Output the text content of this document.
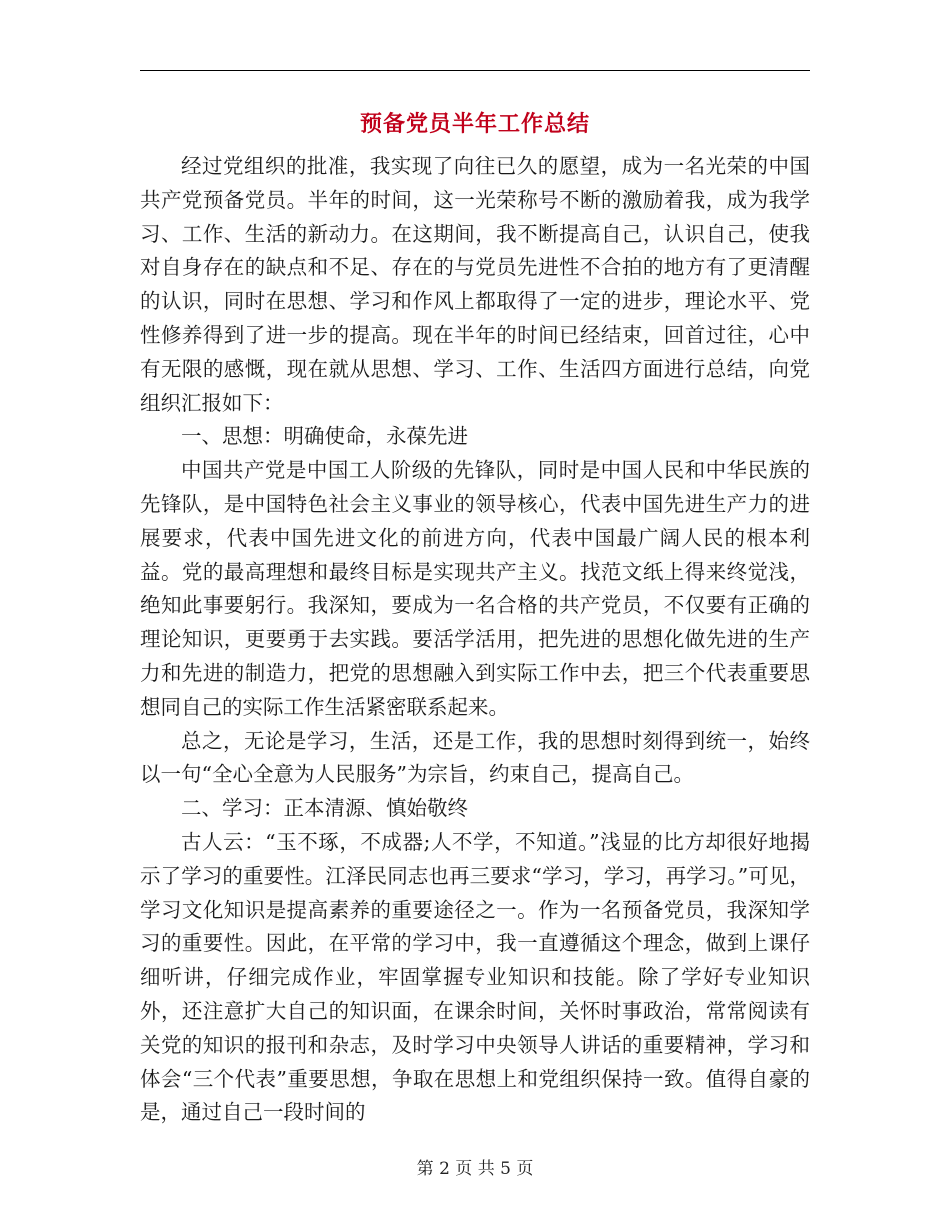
预备党员半年工作总结

经过党组织的批准，我实现了向往已久的愿望，成为一名光荣的中国共产党预备党员。半年的时间，这一光荣称号不断的激励着我，成为我学习、工作、生活的新动力。在这期间，我不断提高自己，认识自己，使我对自身存在的缺点和不足、存在的与党员先进性不合拍的地方有了更清醒的认识，同时在思想、学习和作风上都取得了一定的进步，理论水平、党性修养得到了进一步的提高。现在半年的时间已经结束，回首过往，心中有无限的感慨，现在就从思想、学习、工作、生活四方面进行总结，向党组织汇报如下：

一、思想：明确使命，永葆先进

中国共产党是中国工人阶级的先锋队，同时是中国人民和中华民族的先锋队，是中国特色社会主义事业的领导核心，代表中国先进生产力的进展要求，代表中国先进文化的前进方向，代表中国最广阔人民的根本利益。党的最高理想和最终目标是实现共产主义。找范文纸上得来终觉浅，绝知此事要躬行。我深知，要成为一名合格的共产党员，不仅要有正确的理论知识，更要勇于去实践。要活学活用，把先进的思想化做先进的生产力和先进的制造力，把党的思想融入到实际工作中去，把三个代表重要思想同自己的实际工作生活紧密联系起来。

总之，无论是学习，生活，还是工作，我的思想时刻得到统一，始终以一句“全心全意为人民服务”为宗旨，约束自己，提高自己。

二、学习：正本清源、慎始敬终

古人云：“玉不琢，不成器;人不学，不知道。”浅显的比方却很好地揭示了学习的重要性。江泽民同志也再三要求“学习，学习，再学习。”可见，学习文化知识是提高素养的重要途径之一。作为一名预备党员，我深知学习的重要性。因此，在平常的学习中，我一直遵循这个理念，做到上课仔细听讲，仔细完成作业，牢固掌握专业知识和技能。除了学好专业知识外，还注意扩大自己的知识面，在课余时间，关怀时事政治，常常阅读有关党的知识的报刊和杂志，及时学习中央领导人讲话的重要精神，学习和体会“三个代表”重要思想，争取在思想上和党组织保持一致。值得自豪的是，通过自己一段时间的

第 2 页 共 5 页
